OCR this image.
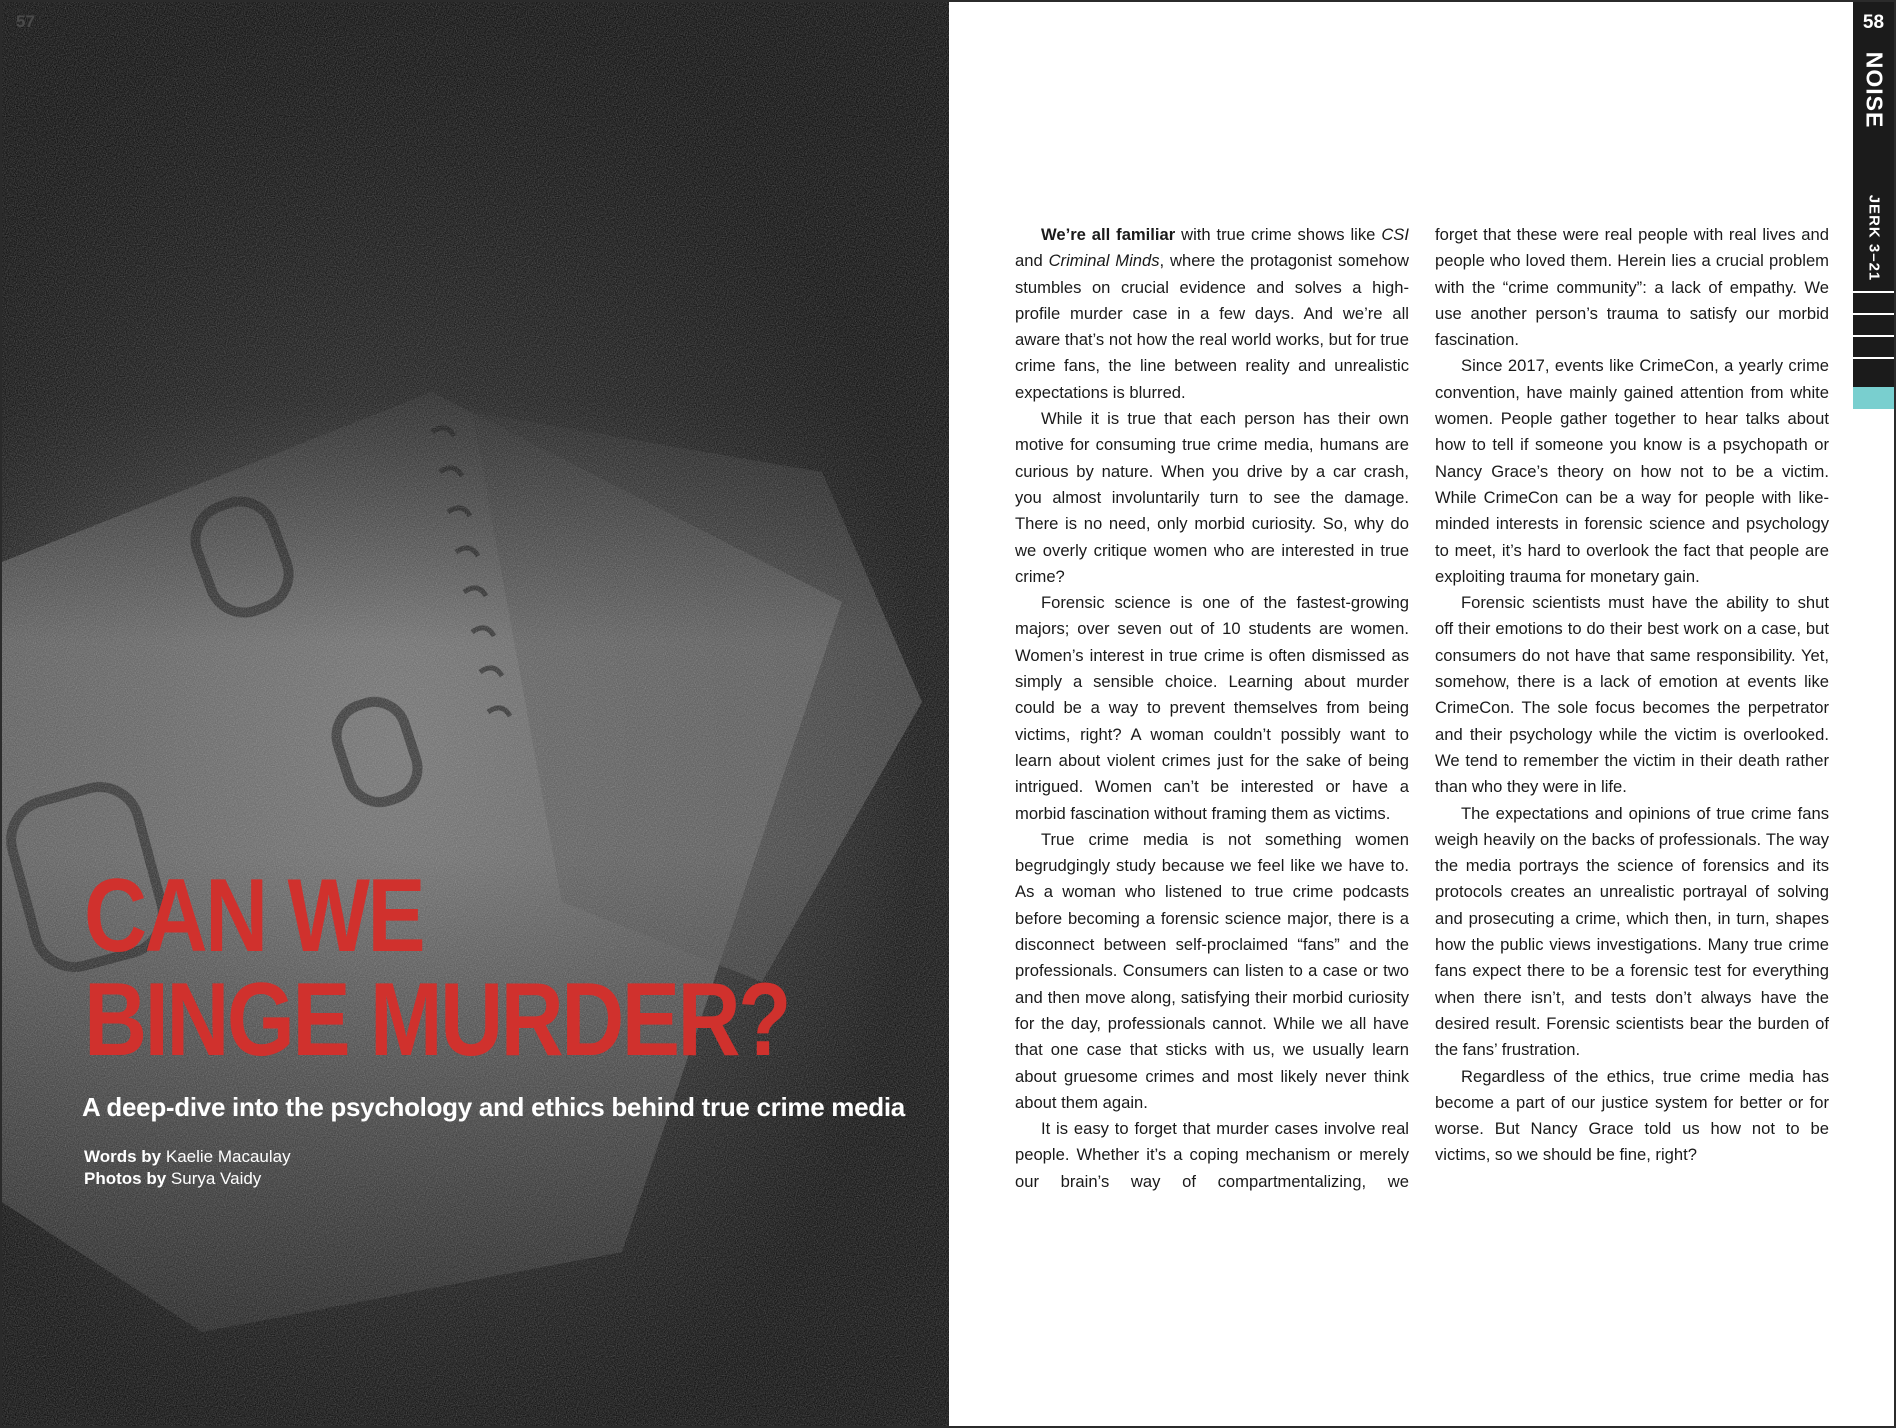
57
CAN WE
BINGE MURDER?

A deep-dive into the psychology and ethics behind true crime media

Words by Kaelie Macaulay
Photos by Surya Vaidy

We’re all familiar with true crime shows like CSI and Criminal Minds, where the protagonist somehow stumbles on crucial evidence and solves a high-profile murder case in a few days. And we’re all aware that’s not how the real world works, but for true crime fans, the line between reality and unrealistic expectations is blurred.

While it is true that each person has their own motive for consuming true crime media, humans are curious by nature. When you drive by a car crash, you almost involuntarily turn to see the damage. There is no need, only morbid curiosity. So, why do we overly critique women who are interested in true crime?

Forensic science is one of the fastest-growing majors; over seven out of 10 students are women. Women’s interest in true crime is often dismissed as simply a sensible choice. Learning about murder could be a way to prevent themselves from being victims, right? A woman couldn’t possibly want to learn about violent crimes just for the sake of being intrigued. Women can’t be interested or have a morbid fascination without framing them as victims.

True crime media is not something women begrudgingly study because we feel like we have to. As a woman who listened to true crime podcasts before becoming a forensic science major, there is a disconnect between self-proclaimed “fans” and the professionals. Consumers can listen to a case or two and then move along, satisfying their morbid curiosity for the day, professionals cannot. While we all have that one case that sticks with us, we usually learn about gruesome crimes and most likely never think about them again.

It is easy to forget that murder cases involve real people. Whether it’s a coping mechanism or merely our brain’s way of compartmentalizing, we

forget that these were real people with real lives and people who loved them. Herein lies a crucial problem with the “crime community”: a lack of empathy. We use another person’s trauma to satisfy our morbid fascination.

Since 2017, events like CrimeCon, a yearly crime convention, have mainly gained attention from white women. People gather together to hear talks about how to tell if someone you know is a psychopath or Nancy Grace’s theory on how not to be a victim. While CrimeCon can be a way for people with like-minded interests in forensic science and psychology to meet, it’s hard to overlook the fact that people are exploiting trauma for monetary gain.

Forensic scientists must have the ability to shut off their emotions to do their best work on a case, but consumers do not have that same responsibility. Yet, somehow, there is a lack of emotion at events like CrimeCon. The sole focus becomes the perpetrator and their psychology while the victim is overlooked. We tend to remember the victim in their death rather than who they were in life.

The expectations and opinions of true crime fans weigh heavily on the backs of professionals. The way the media portrays the science of forensics and its protocols creates an unrealistic portrayal of solving and prosecuting a crime, which then, in turn, shapes how the public views investigations. Many true crime fans expect there to be a forensic test for everything when there isn’t, and tests don’t always have the desired result. Forensic scientists bear the burden of the fans’ frustration.

Regardless of the ethics, true crime media has become a part of our justice system for better or for worse. But Nancy Grace told us how not to be victims, so we should be fine, right?

58
NOISE
JERK 3–21
